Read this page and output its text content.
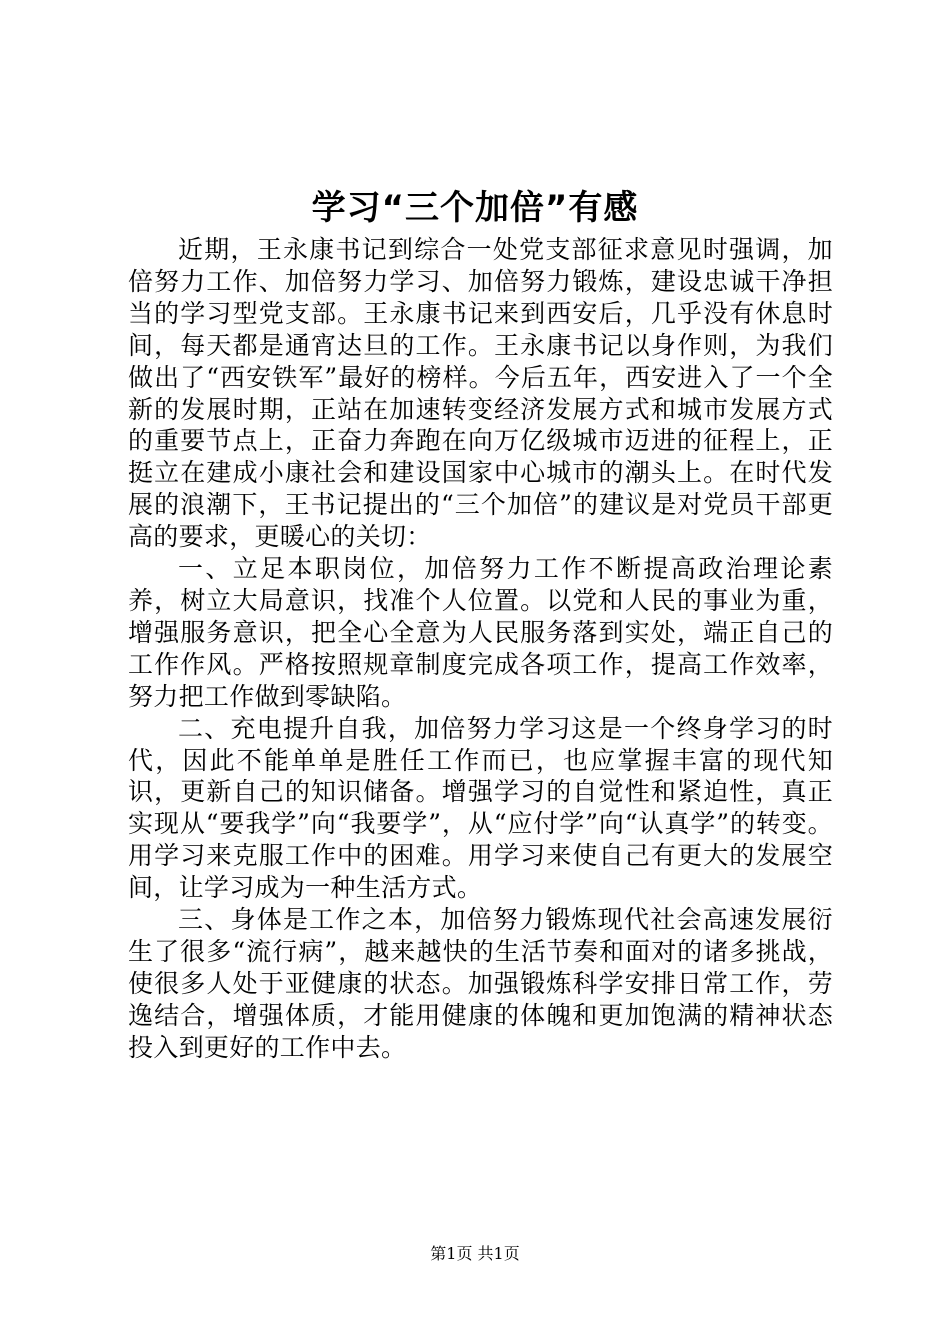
学习“三个加倍”有感

近期，王永康书记到综合一处党支部征求意见时强调，加倍努力工作、加倍努力学习、加倍努力锻炼，建设忠诚干净担当的学习型党支部。王永康书记来到西安后，几乎没有休息时间，每天都是通宵达旦的工作。王永康书记以身作则，为我们做出了“西安铁军”最好的榜样。今后五年，西安进入了一个全新的发展时期，正站在加速转变经济发展方式和城市发展方式的重要节点上，正奋力奔跑在向万亿级城市迈进的征程上，正挺立在建成小康社会和建设国家中心城市的潮头上。在时代发展的浪潮下，王书记提出的“三个加倍”的建议是对党员干部更高的要求，更暖心的关切：

一、立足本职岗位，加倍努力工作不断提高政治理论素养，树立大局意识，找准个人位置。以党和人民的事业为重，增强服务意识，把全心全意为人民服务落到实处，端正自己的工作作风。严格按照规章制度完成各项工作，提高工作效率，努力把工作做到零缺陷。

二、充电提升自我，加倍努力学习这是一个终身学习的时代，因此不能单单是胜任工作而已，也应掌握丰富的现代知识，更新自己的知识储备。增强学习的自觉性和紧迫性，真正实现从“要我学”向“我要学”，从“应付学”向“认真学”的转变。用学习来克服工作中的困难。用学习来使自己有更大的发展空间，让学习成为一种生活方式。

三、身体是工作之本，加倍努力锻炼现代社会高速发展衍生了很多“流行病”，越来越快的生活节奏和面对的诸多挑战，使很多人处于亚健康的状态。加强锻炼科学安排日常工作，劳逸结合，增强体质，才能用健康的体魄和更加饱满的精神状态投入到更好的工作中去。

第1页 共1页
